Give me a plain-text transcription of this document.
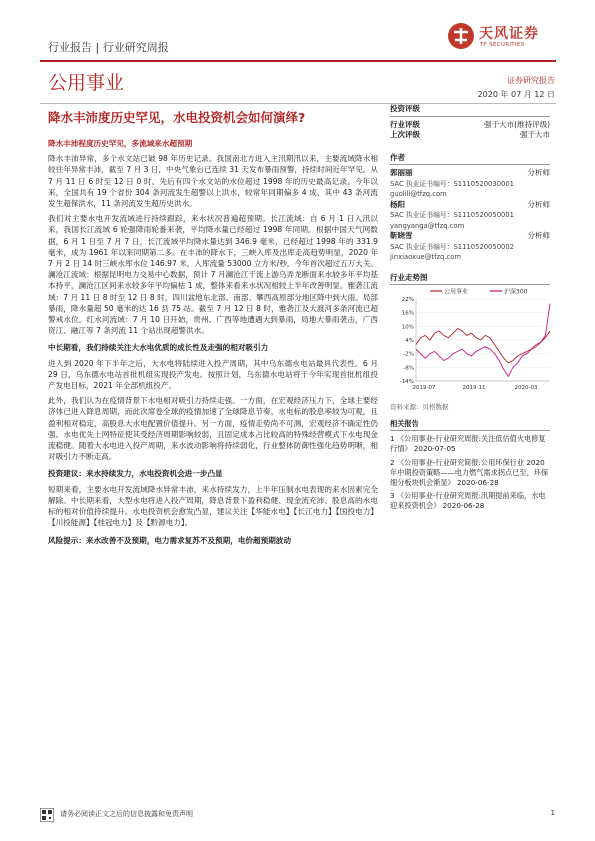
行业报告 | 行业研究周报
天风证券
TF SECURITIES
公用事业	证券研究报告
2020 年 07 月 12 日
降水丰沛度历史罕见，水电投资机会如何演绎?

降水丰沛程度历史罕见，多流域来水超预期

降水丰沛异常，多个水文站已破 98 年历史记录。我国南北方进入主汛期汛以来，主要流域降水相较往年异常丰沛，截至 7 月 3 日，中央气象台已连续 31 天发布暴雨预警，持续时间近年罕见。从 7 月 11 日 6 时至 12 日 0 时，先后有四个水文站的水位超过 1998 年的历史最高记录。今年以来，全国共有 19 个省份 304 条河流发生超警以上洪水，较常年同期偏多 4 成，其中 43 条河流发生超保洪水，11 条河流发生超历史洪水。

我们对主要水电开发流域进行持续跟踪，来水状况普遍超预期。长江流域：自 6 月 1 日入汛以来，我国长江流域 6 轮强降雨轮番来袭，平均降水量已经超过 1998 年同期。根据中国天气网数据，6 月 1 日至 7 月 7 日，长江流域平均降水量达到 346.9 毫米，已经超过 1998 年的 331.9 毫米，成为 1961 年以来同期第二多。在丰沛的降水下，三峡入库及出库走高趋势明显，2020 年 7 月 2 日 14 时三峡水库水位 146.97 米，入库流量 53000 立方米/秒，今年首次超过五万大关。澜沧江流域：根据昆明电力交易中心数据，预计 7 月澜沧江干流上游乌弄龙断面来水较多年平均基本持平，澜沧江区间来水较多年平均偏枯 1 成，整体来看来水状况相较上半年改善明显。雅砻江流域：7 月 11 日 8 时至 12 日 8 时，四川盆地东北部、南部、攀西高原部分地区降中到大雨。局部暴雨，降水量超 50 毫米的达 16 县 75 站。截至 7 月 12 日 8 时，雅砻江及大渡河多条河流已超警戒水位。红水河流域：7 月 10 日开始，贵州、广西等地遭遇大到暴雨，局地大暴雨袭击，广西资江、融江等 7 条河流 11 个站出现超警洪水。

中长期看，我们持续关注大水电优质的成长性及走强的相对吸引力

进入到 2020 年下半年之后，大水电将陆续进入投产周期，其中乌东德水电站最具代表性。6 月 29 日，乌东德水电站首批机组实现投产发电。按照计划，乌东德水电站将于今年实现首批机组投产发电目标，2021 年全部机组投产。

此外，我们认为在疫情背景下水电相对吸引力持续走强。一方面，在宏观经济压力下，全球主要经济体已进入降息周期，而此次席卷全球的疫情加速了全球降息节奏。水电标的股息率较为可观，且盈利相对稳定，高股息大水电配置价值提升。另一方面，疫情走势尚不可测，宏观经济不确定性仍强。水电优先上网特征使其受经济周期影响较弱，且固定成本占比较高的特殊经营模式下水电现金流稳健。随着大水电进入投产周期，来水波动影响将持续弱化，行业整体防御性强化趋势明晰，相对吸引力不断走高。

投资建议：来水持续发力，水电投资机会进一步凸显

短期来看，主要水电开发流域降水异常丰沛，来水持续发力，上半年压制水电表现的来水因素完全解除。中长期来看，大型水电将进入投产周期，降息背景下盈利稳健、现金流充沛、股息高的水电标的相对价值持续提升。水电投资机会愈发凸显，建议关注【华能水电】【长江电力】【国投电力】【川投能源】【桂冠电力】及【黔源电力】。

风险提示：来水改善不及预期，电力需求复苏不及预期，电价超预期波动

投资评级
行业评级	强于大市(维持评级)
上次评级	强于大市
作者
郭丽丽	分析师
SAC 执业证书编号：S1110520030001
guolili@tfzq.com
杨阳	分析师
SAC 执业证书编号：S1110520050001
yangyanga@tfzq.com
靳晓雪	分析师
SAC 执业证书编号：S1110520050002
jinxiaoxue@tfzq.com
行业走势图
公用事业	沪深300
22%
16%
10%
4%
-2%
-8%
-14%
2019-07	2019-11	2020-03
资料来源：贝格数据
相关报告
1 《公用事业-行业研究周报:关注低估值火电修复行情》 2020-07-05
2 《公用事业-行业研究简报:公用环保行业 2020 年中期投资策略——电力燃气需求拐点已至，环保细分板块机会渐显》 2020-06-28
3 《公用事业-行业研究周报:汛期提前来临，水电迎来投资机会》 2020-06-28
请务必阅读正文之后的信息披露和免责声明	1
